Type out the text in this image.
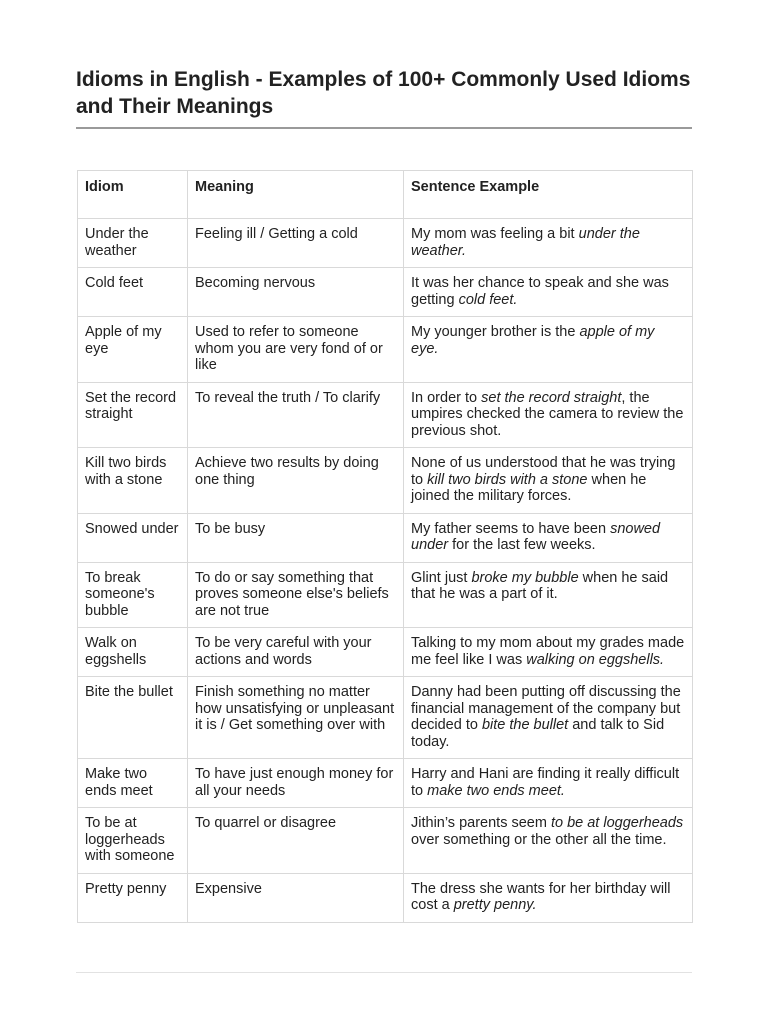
Idioms in English - Examples of 100+ Commonly Used Idioms and Their Meanings
Idiom	Meaning	Sentence Example
Under the weather	Feeling ill / Getting a cold	My mom was feeling a bit under the weather.
Cold feet	Becoming nervous	It was her chance to speak and she was getting cold feet.
Apple of my eye	Used to refer to someone whom you are very fond of or like	My younger brother is the apple of my eye.
Set the record straight	To reveal the truth / To clarify	In order to set the record straight, the umpires checked the camera to review the previous shot.
Kill two birds with a stone	Achieve two results by doing one thing	None of us understood that he was trying to kill two birds with a stone when he joined the military forces.
Snowed under	To be busy	My father seems to have been snowed under for the last few weeks.
To break someone's bubble	To do or say something that proves someone else's beliefs are not true	Glint just broke my bubble when he said that he was a part of it.
Walk on eggshells	To be very careful with your actions and words	Talking to my mom about my grades made me feel like I was walking on eggshells.
Bite the bullet	Finish something no matter how unsatisfying or unpleasant it is / Get something over with	Danny had been putting off discussing the financial management of the company but decided to bite the bullet and talk to Sid today.
Make two ends meet	To have just enough money for all your needs	Harry and Hani are finding it really difficult to make two ends meet.
To be at loggerheads with someone	To quarrel or disagree	Jithin’s parents seem to be at loggerheads over something or the other all the time.
Pretty penny	Expensive	The dress she wants for her birthday will cost a pretty penny.
